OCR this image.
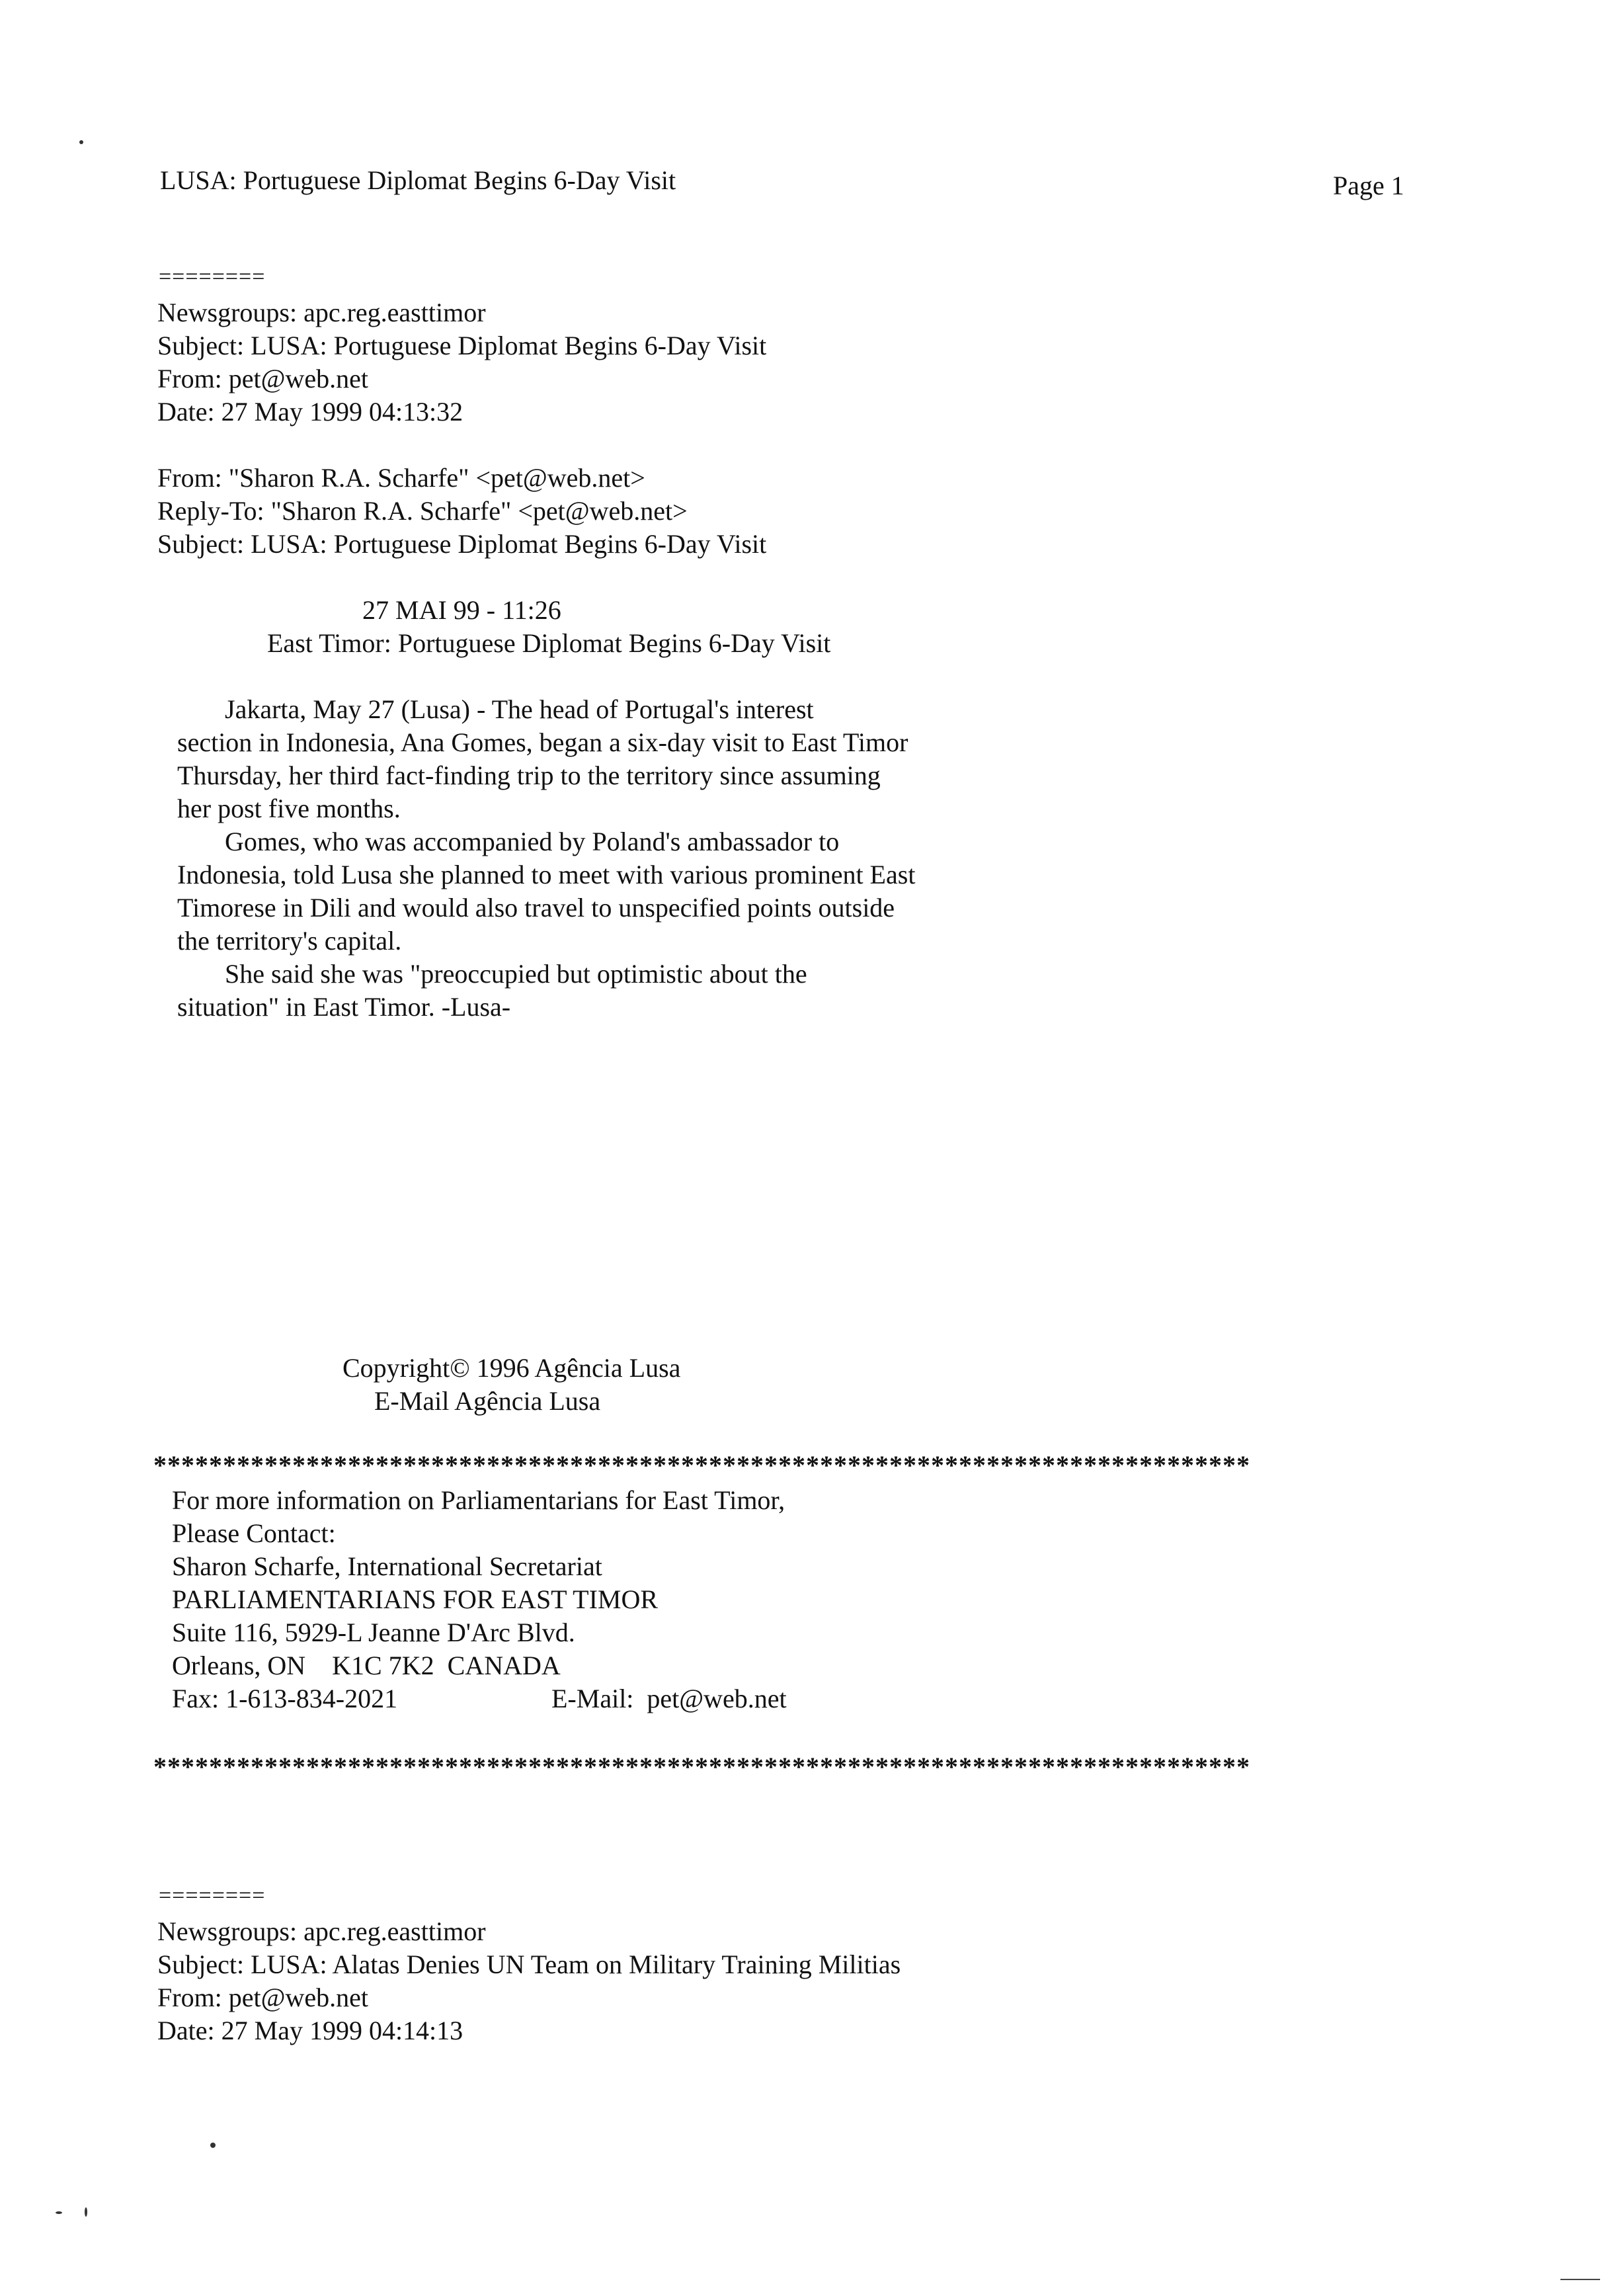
LUSA: Portuguese Diplomat Begins 6-Day Visit	Page 1
========
Newsgroups: apc.reg.easttimor
Subject: LUSA: Portuguese Diplomat Begins 6-Day Visit
From: pet@web.net
Date: 27 May 1999 04:13:32
From: "Sharon R.A. Scharfe" <pet@web.net>
Reply-To: "Sharon R.A. Scharfe" <pet@web.net>
Subject: LUSA: Portuguese Diplomat Begins 6-Day Visit
27 MAI 99 - 11:26
East Timor: Portuguese Diplomat Begins 6-Day Visit
Jakarta, May 27 (Lusa) - The head of Portugal's interest
section in Indonesia, Ana Gomes, began a six-day visit to East Timor
Thursday, her third fact-finding trip to the territory since assuming
her post five months.
Gomes, who was accompanied by Poland's ambassador to
Indonesia, told Lusa she planned to meet with various prominent East
Timorese in Dili and would also travel to unspecified points outside
the territory's capital.
She said she was "preoccupied but optimistic about the
situation" in East Timor. -Lusa-
Copyright© 1996 Agência Lusa
E-Mail Agência Lusa
*******************************************************************************
For more information on Parliamentarians for East Timor,
Please Contact:
Sharon Scharfe, International Secretariat
PARLIAMENTARIANS FOR EAST TIMOR
Suite 116, 5929-L Jeanne D'Arc Blvd.
Orleans, ON    K1C 7K2  CANADA
Fax: 1-613-834-2021	E-Mail:  pet@web.net
*******************************************************************************
========
Newsgroups: apc.reg.easttimor
Subject: LUSA: Alatas Denies UN Team on Military Training Militias
From: pet@web.net
Date: 27 May 1999 04:14:13
